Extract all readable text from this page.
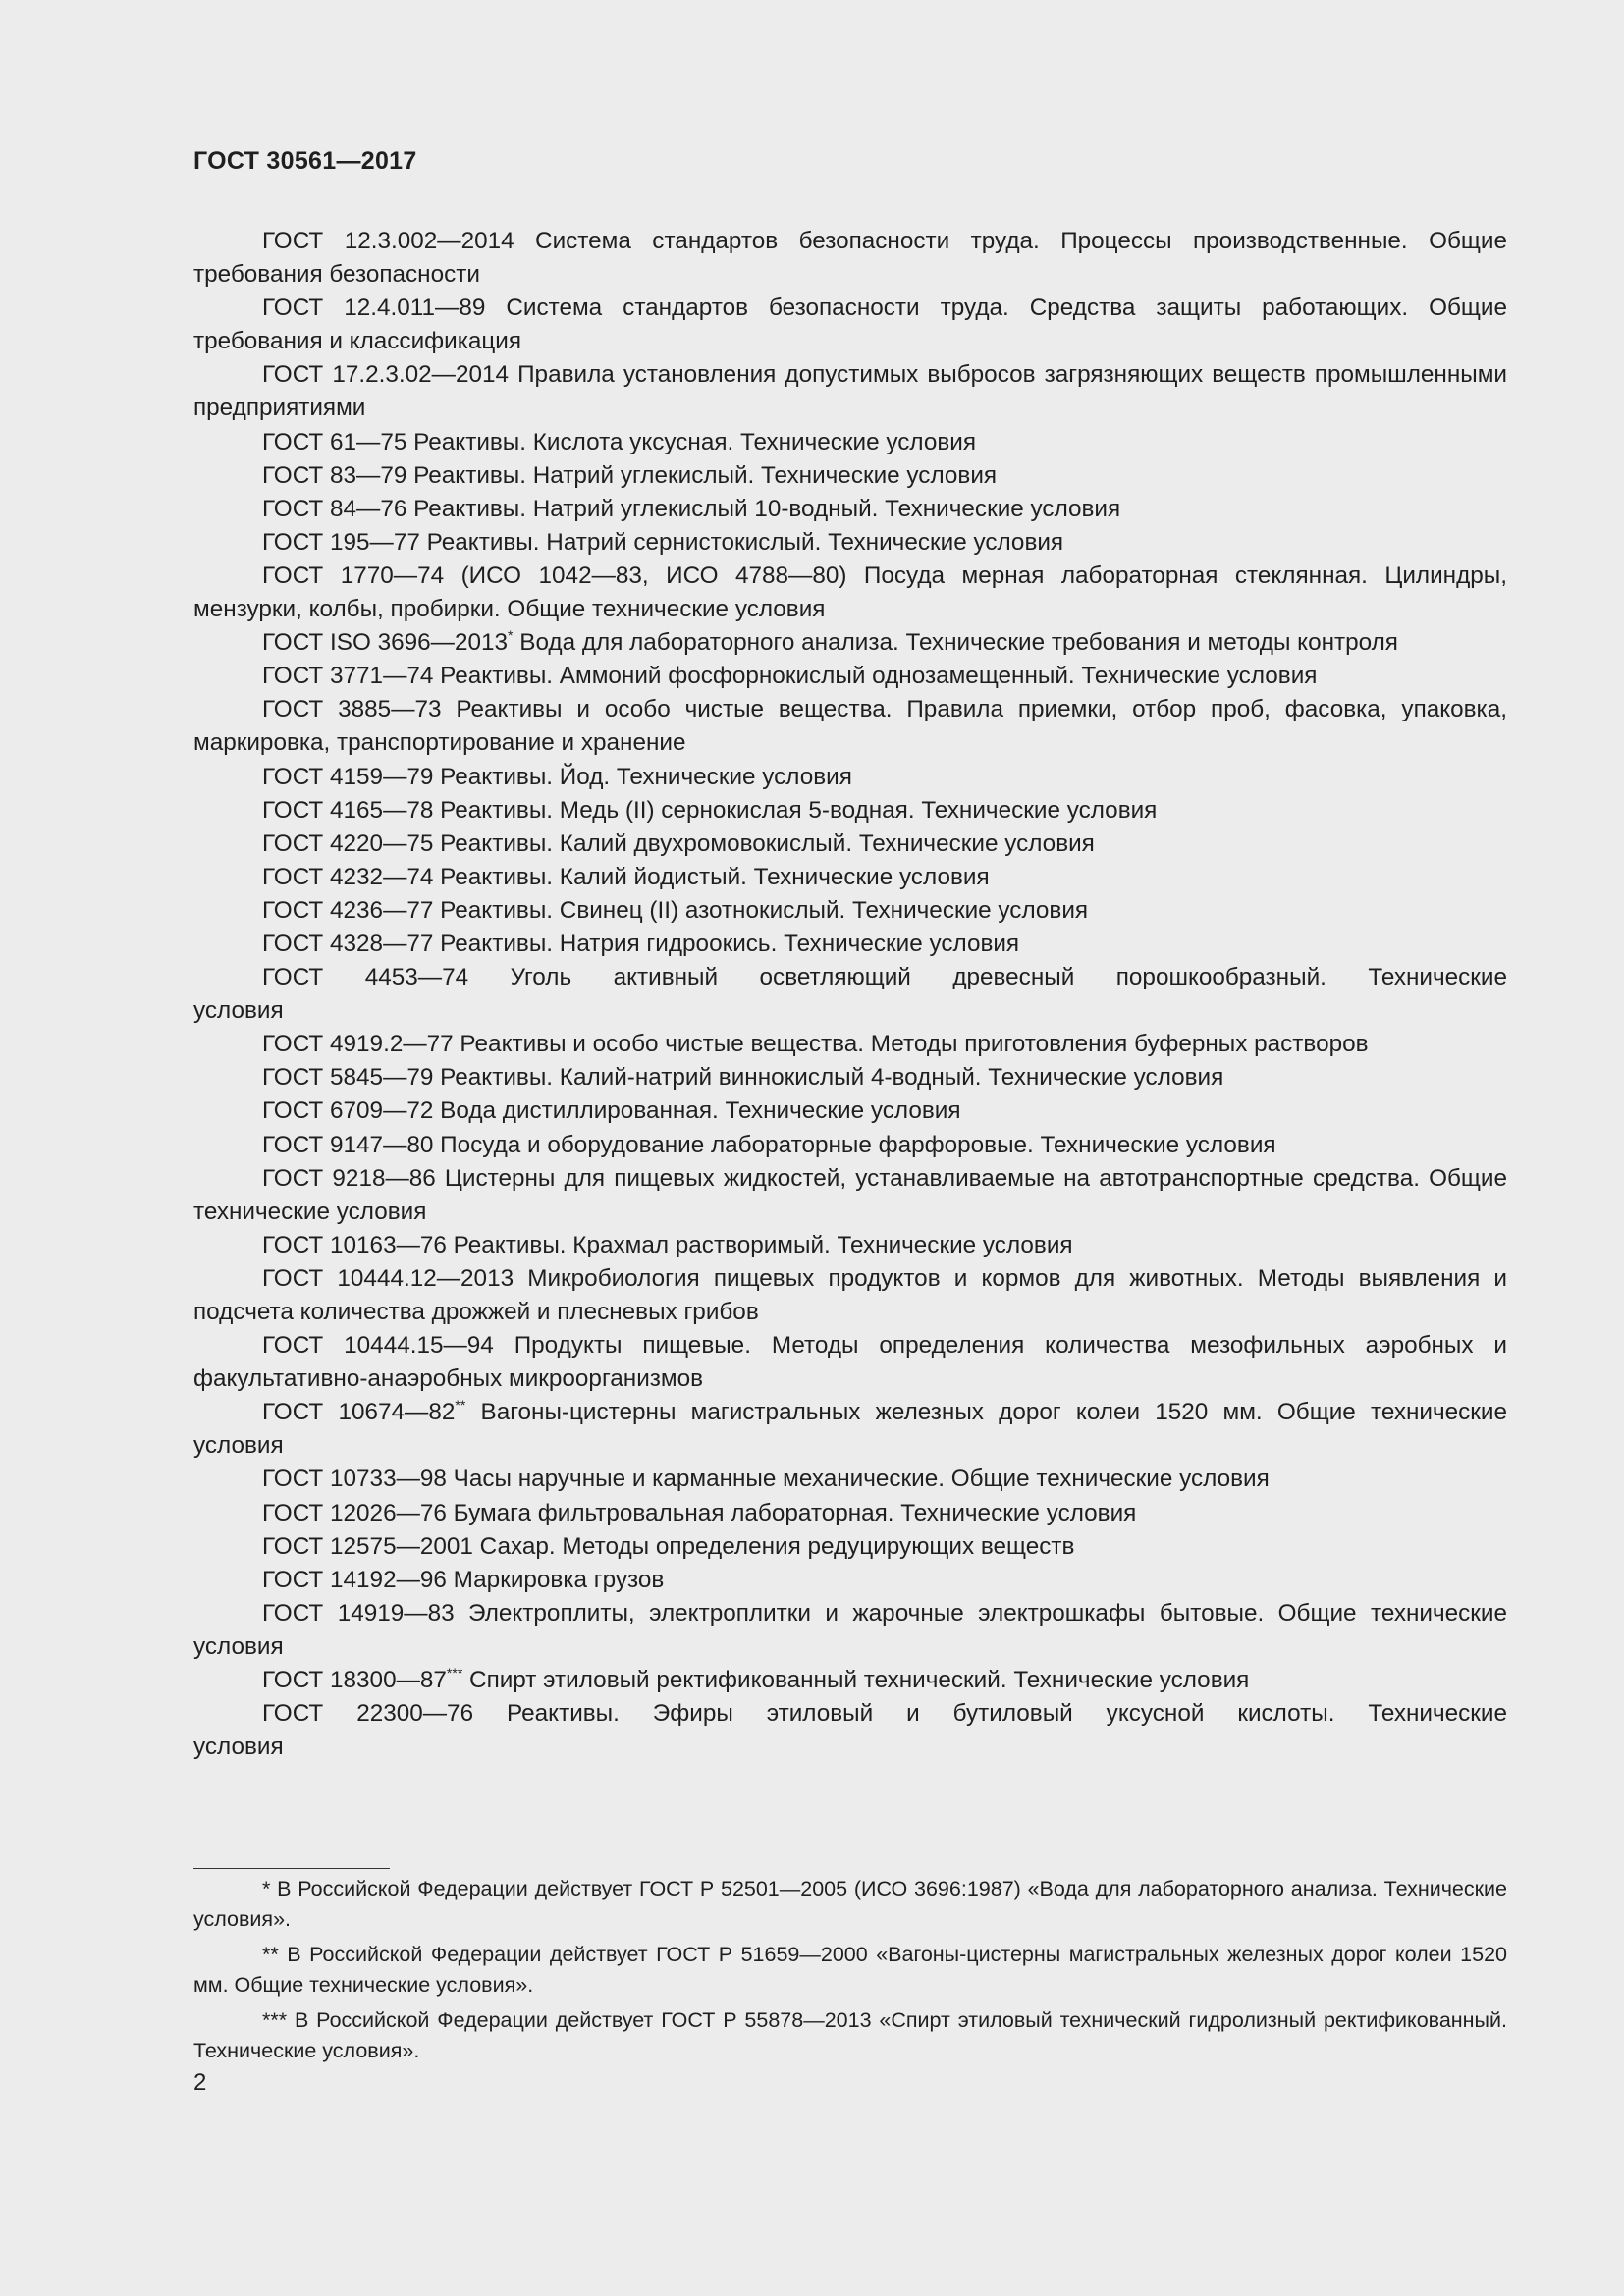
ГОСТ 30561—2017

ГОСТ 12.3.002—2014 Система стандартов безопасности труда. Процессы производственные. Общие требования безопасности

ГОСТ 12.4.011—89 Система стандартов безопасности труда. Средства защиты работающих. Общие требования и классификация

ГОСТ 17.2.3.02—2014 Правила установления допустимых выбросов загрязняющих веществ промышленными предприятиями

ГОСТ 61—75 Реактивы. Кислота уксусная. Технические условия

ГОСТ 83—79 Реактивы. Натрий углекислый. Технические условия

ГОСТ 84—76 Реактивы. Натрий углекислый 10-водный. Технические условия

ГОСТ 195—77 Реактивы. Натрий сернистокислый. Технические условия

ГОСТ 1770—74 (ИСО 1042—83, ИСО 4788—80) Посуда мерная лабораторная стеклянная. Цилиндры, мензурки, колбы, пробирки. Общие технические условия

ГОСТ ISO 3696—2013* Вода для лабораторного анализа. Технические требования и методы контроля

ГОСТ 3771—74 Реактивы. Аммоний фосфорнокислый однозамещенный. Технические условия

ГОСТ 3885—73 Реактивы и особо чистые вещества. Правила приемки, отбор проб, фасовка, упаковка, маркировка, транспортирование и хранение

ГОСТ 4159—79 Реактивы. Йод. Технические условия

ГОСТ 4165—78 Реактивы. Медь (II) сернокислая 5-водная. Технические условия

ГОСТ 4220—75 Реактивы. Калий двухромовокислый. Технические условия

ГОСТ 4232—74 Реактивы. Калий йодистый. Технические условия

ГОСТ 4236—77 Реактивы. Свинец (II) азотнокислый. Технические условия

ГОСТ 4328—77 Реактивы. Натрия гидроокись. Технические условия

ГОСТ 4453—74 Уголь активный осветляющий древесный порошкообразный. Технические

условия

ГОСТ 4919.2—77 Реактивы и особо чистые вещества. Методы приготовления буферных растворов

ГОСТ 5845—79 Реактивы. Калий-натрий виннокислый 4-водный. Технические условия

ГОСТ 6709—72 Вода дистиллированная. Технические условия

ГОСТ 9147—80 Посуда и оборудование лабораторные фарфоровые. Технические условия

ГОСТ 9218—86 Цистерны для пищевых жидкостей, устанавливаемые на автотранспортные средства. Общие технические условия

ГОСТ 10163—76 Реактивы. Крахмал растворимый. Технические условия

ГОСТ 10444.12—2013 Микробиология пищевых продуктов и кормов для животных. Методы выявления и подсчета количества дрожжей и плесневых грибов

ГОСТ 10444.15—94 Продукты пищевые. Методы определения количества мезофильных аэробных и факультативно-анаэробных микроорганизмов

ГОСТ 10674—82** Вагоны-цистерны магистральных железных дорог колеи 1520 мм. Общие технические условия

ГОСТ 10733—98 Часы наручные и карманные механические. Общие технические условия

ГОСТ 12026—76 Бумага фильтровальная лабораторная. Технические условия

ГОСТ 12575—2001 Сахар. Методы определения редуцирующих веществ

ГОСТ 14192—96 Маркировка грузов

ГОСТ 14919—83 Электроплиты, электроплитки и жарочные электрошкафы бытовые. Общие технические условия

ГОСТ 18300—87*** Спирт этиловый ректификованный технический. Технические условия

ГОСТ 22300—76 Реактивы. Эфиры этиловый и бутиловый уксусной кислоты. Технические

условия

* В Российской Федерации действует ГОСТ Р 52501—2005 (ИСО 3696:1987) «Вода для лабораторного анализа. Технические условия».

** В Российской Федерации действует ГОСТ Р 51659—2000 «Вагоны-цистерны магистральных железных дорог колеи 1520 мм. Общие технические условия».

*** В Российской Федерации действует ГОСТ Р 55878—2013 «Спирт этиловый технический гидролизный ректификованный. Технические условия».

2
